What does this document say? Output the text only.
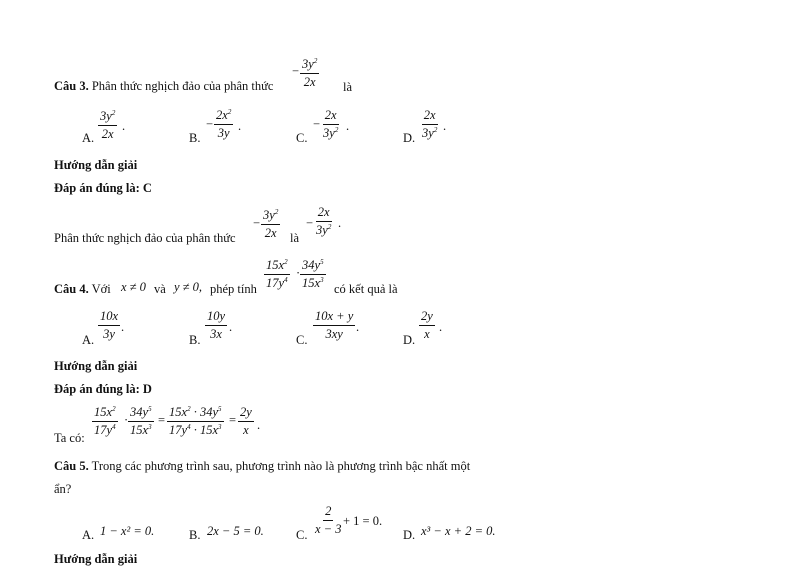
Câu 3. Phân thức nghịch đảo của phân thức
− $\frac{3y^2}{2x}$ là
A. $\frac{3y^2}{2x}$ .
B.
− $\frac{2x^2}{3y}$ .
C.
− $\frac{2x}{3y^2}$ .
D. $\frac{2x}{3y^2}$ .
Hướng dẫn giải
Đáp án đúng là: C
Phân thức nghịch đảo của phân thức
− $\frac{3y^2}{2x}$ là
− $\frac{2x}{3y^2}$ .
Câu 4. Với x ≠ 0 và y ≠ 0, phép tính $\frac{15x^2}{17y^4} \cdot \frac{34y^5}{15x^3}$ có kết quả là
A. $\frac{10x}{3y}$ .
B. $\frac{10y}{3x}$ .
C. $\frac{10x + y}{3xy}$ .
D. $\frac{2y}{x}$ .
Hướng dẫn giải
Đáp án đúng là: D
Ta có:
$\frac{15x^2}{17y^4} \cdot \frac{34y^5}{15x^3} = \frac{15x^2 \cdot 34y^5}{17y^4 \cdot 15x^3} = \frac{2y}{x}$ .
Câu 5. Trong các phương trình sau, phương trình nào là phương trình bậc nhất một
ẩn?
A. 1 − x² = 0.	B. 2x − 5 = 0.	C. $\frac{2}{x - 3} + 1 = 0$.
D. x³ − x + 2 = 0.
Hướng dẫn giải
